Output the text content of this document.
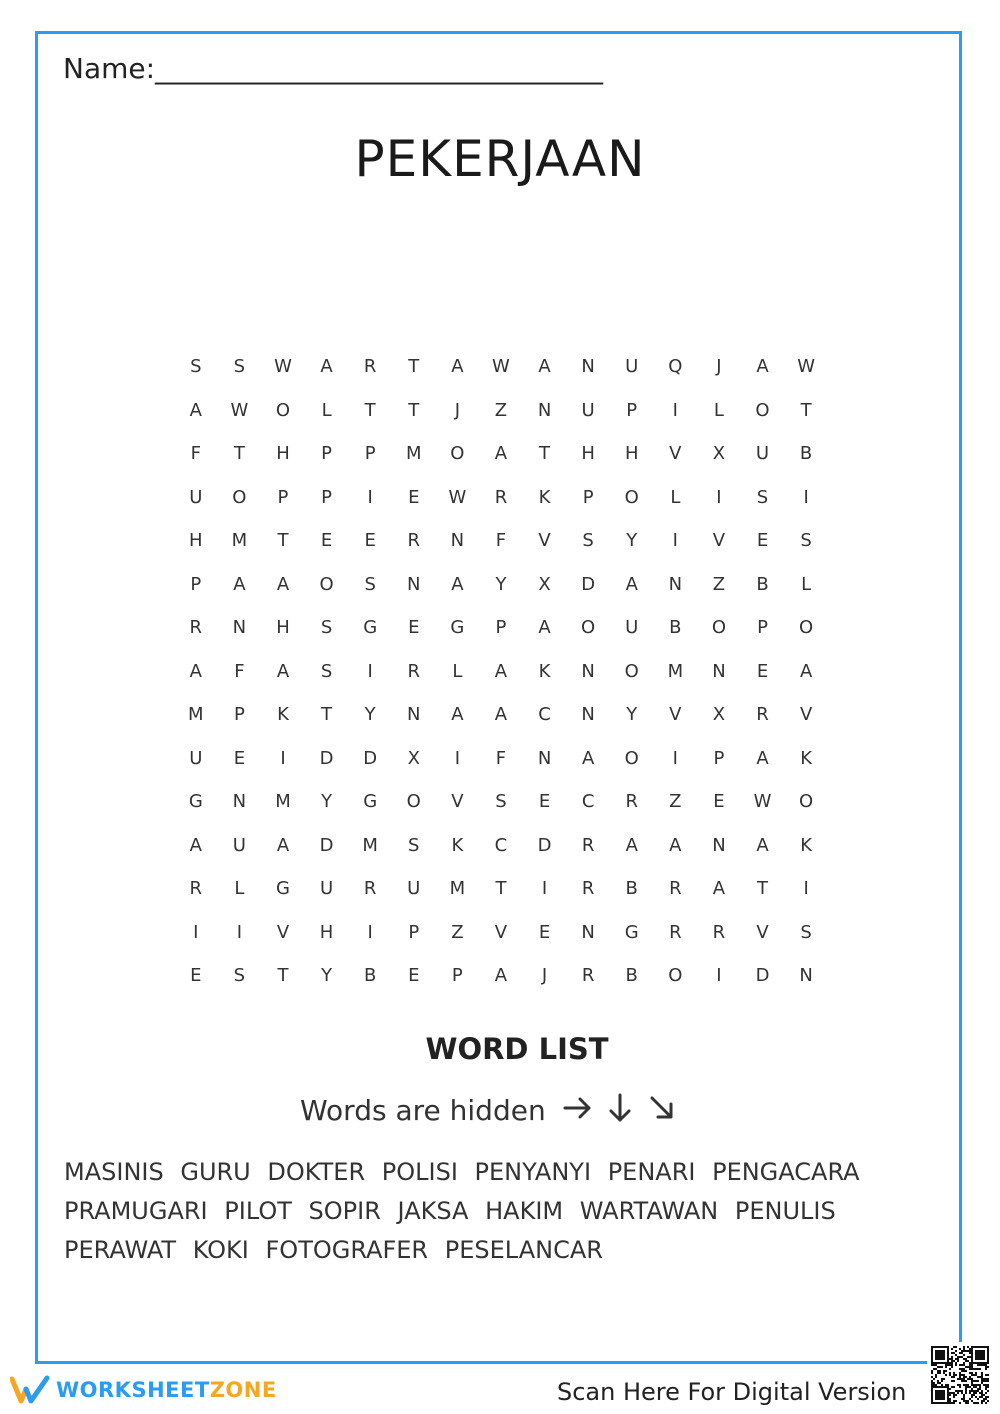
Name:________________________________
PEKERJAAN
S	S	W	A	R	T	A	W	A	N	U	Q	J	A	W
A	W	O	L	T	T	J	Z	N	U	P	I	L	O	T
F	T	H	P	P	M	O	A	T	H	H	V	X	U	B
U	O	P	P	I	E	W	R	K	P	O	L	I	S	I
H	M	T	E	E	R	N	F	V	S	Y	I	V	E	S
P	A	A	O	S	N	A	Y	X	D	A	N	Z	B	L
R	N	H	S	G	E	G	P	A	O	U	B	O	P	O
A	F	A	S	I	R	L	A	K	N	O	M	N	E	A
M	P	K	T	Y	N	A	A	C	N	Y	V	X	R	V
U	E	I	D	D	X	I	F	N	A	O	I	P	A	K
G	N	M	Y	G	O	V	S	E	C	R	Z	E	W	O
A	U	A	D	M	S	K	C	D	R	A	A	N	A	K
R	L	G	U	R	U	M	T	I	R	B	R	A	T	I
I	I	V	H	I	P	Z	V	E	N	G	R	R	V	S
E	S	T	Y	B	E	P	A	J	R	B	O	I	D	N
WORD LIST
Words are hidden
MASINIS GURU DOKTER POLISI PENYANYI PENARI PENGACARA PRAMUGARI PILOT SOPIR JAKSA HAKIM WARTAWAN PENULIS PERAWAT KOKI FOTOGRAFER PESELANCAR
WORKSHEETZONE	Scan Here For Digital Version
